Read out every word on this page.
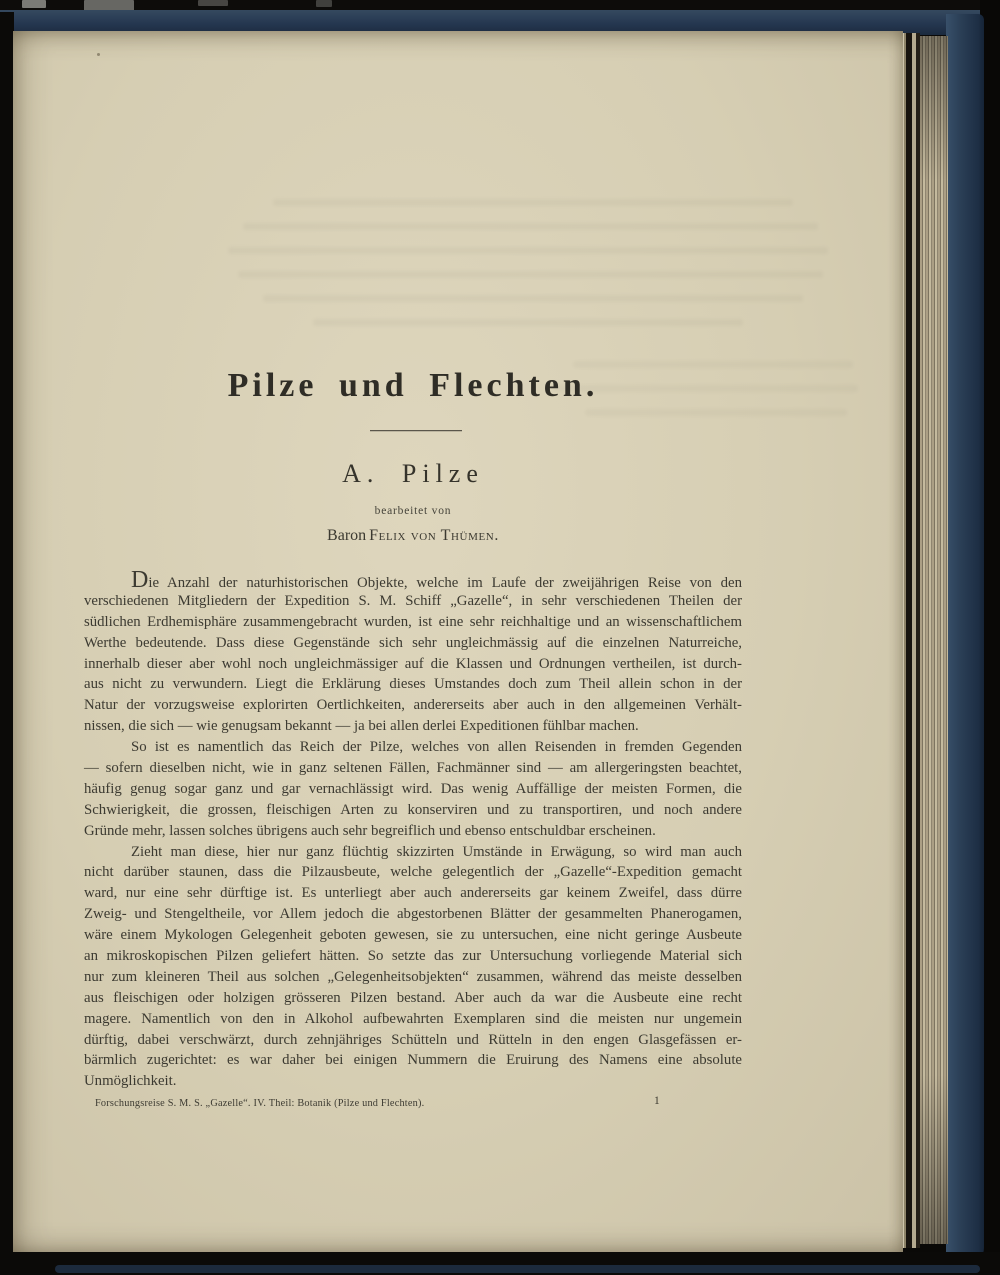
Pilze und Flechten.
A. Pilze
bearbeitet von
Baron Felix von Thümen.
Die Anzahl der naturhistorischen Objekte, welche im Laufe der zweijährigen Reise von den
verschiedenen Mitgliedern der Expedition S. M. Schiff „Gazelle“, in sehr verschiedenen Theilen der
südlichen Erdhemisphäre zusammengebracht wurden, ist eine sehr reichhaltige und an wissenschaftlichem
Werthe bedeutende. Dass diese Gegenstände sich sehr ungleichmässig auf die einzelnen Naturreiche,
innerhalb dieser aber wohl noch ungleichmässiger auf die Klassen und Ordnungen vertheilen, ist durch-
aus nicht zu verwundern. Liegt die Erklärung dieses Umstandes doch zum Theil allein schon in der
Natur der vorzugsweise explorirten Oertlichkeiten, andererseits aber auch in den allgemeinen Verhält-
nissen, die sich — wie genugsam bekannt — ja bei allen derlei Expeditionen fühlbar machen.
So ist es namentlich das Reich der Pilze, welches von allen Reisenden in fremden Gegenden
— sofern dieselben nicht, wie in ganz seltenen Fällen, Fachmänner sind — am allergeringsten beachtet,
häufig genug sogar ganz und gar vernachlässigt wird. Das wenig Auffällige der meisten Formen, die
Schwierigkeit, die grossen, fleischigen Arten zu konserviren und zu transportiren, und noch andere
Gründe mehr, lassen solches übrigens auch sehr begreiflich und ebenso entschuldbar erscheinen.
Zieht man diese, hier nur ganz flüchtig skizzirten Umstände in Erwägung, so wird man auch
nicht darüber staunen, dass die Pilzausbeute, welche gelegentlich der „Gazelle“-Expedition gemacht
ward, nur eine sehr dürftige ist. Es unterliegt aber auch andererseits gar keinem Zweifel, dass dürre
Zweig- und Stengeltheile, vor Allem jedoch die abgestorbenen Blätter der gesammelten Phanerogamen,
wäre einem Mykologen Gelegenheit geboten gewesen, sie zu untersuchen, eine nicht geringe Ausbeute
an mikroskopischen Pilzen geliefert hätten. So setzte das zur Untersuchung vorliegende Material sich
nur zum kleineren Theil aus solchen „Gelegenheitsobjekten“ zusammen, während das meiste desselben
aus fleischigen oder holzigen grösseren Pilzen bestand. Aber auch da war die Ausbeute eine recht
magere. Namentlich von den in Alkohol aufbewahrten Exemplaren sind die meisten nur ungemein
dürftig, dabei verschwärzt, durch zehnjähriges Schütteln und Rütteln in den engen Glasgefässen er-
bärmlich zugerichtet: es war daher bei einigen Nummern die Eruirung des Namens eine absolute
Unmöglichkeit.
Forschungsreise S. M. S. „Gazelle“. IV. Theil: Botanik (Pilze und Flechten).	1
